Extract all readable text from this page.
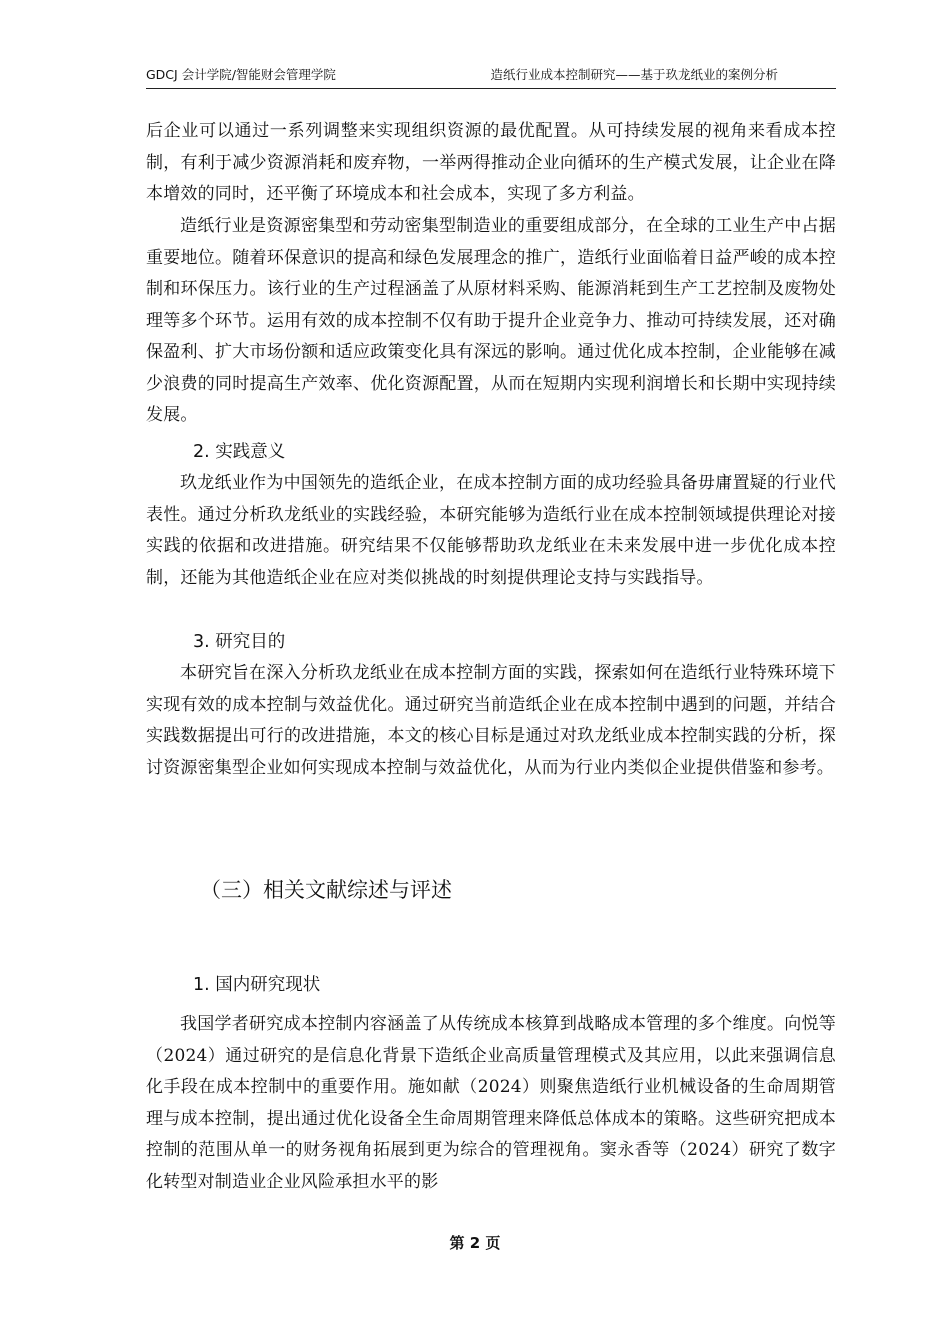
GDCJ 会计学院/智能财会管理学院	造纸行业成本控制研究——基于玖龙纸业的案例分析

后企业可以通过一系列调整来实现组织资源的最优配置。从可持续发展的视角来看成本控制，有利于减少资源消耗和废弃物，一举两得推动企业向循环的生产模式发展，让企业在降本增效的同时，还平衡了环境成本和社会成本，实现了多方利益。

造纸行业是资源密集型和劳动密集型制造业的重要组成部分，在全球的工业生产中占据重要地位。随着环保意识的提高和绿色发展理念的推广，造纸行业面临着日益严峻的成本控制和环保压力。该行业的生产过程涵盖了从原材料采购、能源消耗到生产工艺控制及废物处理等多个环节。运用有效的成本控制不仅有助于提升企业竞争力、推动可持续发展，还对确保盈利、扩大市场份额和适应政策变化具有深远的影响。通过优化成本控制，企业能够在减少浪费的同时提高生产效率、优化资源配置，从而在短期内实现利润增长和长期中实现持续发展。

2. 实践意义

玖龙纸业作为中国领先的造纸企业，在成本控制方面的成功经验具备毋庸置疑的行业代表性。通过分析玖龙纸业的实践经验，本研究能够为造纸行业在成本控制领域提供理论对接实践的依据和改进措施。研究结果不仅能够帮助玖龙纸业在未来发展中进一步优化成本控制，还能为其他造纸企业在应对类似挑战的时刻提供理论支持与实践指导。

3. 研究目的

本研究旨在深入分析玖龙纸业在成本控制方面的实践，探索如何在造纸行业特殊环境下实现有效的成本控制与效益优化。通过研究当前造纸企业在成本控制中遇到的问题，并结合实践数据提出可行的改进措施，本文的核心目标是通过对玖龙纸业成本控制实践的分析，探讨资源密集型企业如何实现成本控制与效益优化，从而为行业内类似企业提供借鉴和参考。

（三）相关文献综述与评述
1. 国内研究现状

我国学者研究成本控制内容涵盖了从传统成本核算到战略成本管理的多个维度。向悦等（2024）通过研究的是信息化背景下造纸企业高质量管理模式及其应用，以此来强调信息化手段在成本控制中的重要作用。施如献（2024）则聚焦造纸行业机械设备的生命周期管理与成本控制，提出通过优化设备全生命周期管理来降低总体成本的策略。这些研究把成本控制的范围从单一的财务视角拓展到更为综合的管理视角。窦永香等（2024）研究了数字化转型对制造业企业风险承担水平的影

第 2 页
